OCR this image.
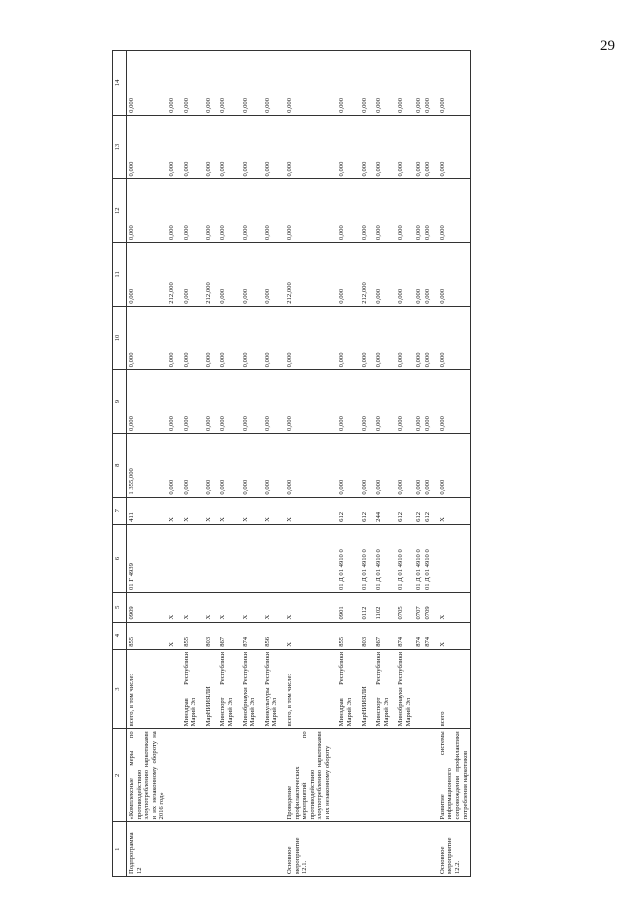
29
1	2	3	4	5	6	7	8	9	10	11	12	13	14
Подпрограмма 12	«Комплексные меры по противодействию злоупотреблению наркотиками и их незаконному обороту на 2016 год»	всего, в том числе:	855	0909	01 Г 4939	411	1 355,000	0,000	0,000	0,000	0,000	0,000	0,000
			Х	Х		Х	0,000	0,000	0,000	212,000	0,000	0,000	0,000
		Минздрав Республики Марий Эл	855	Х		Х	0,000	0,000	0,000	0,000	0,000	0,000	0,000
		МарНИИЯЛИ	803	Х		Х	0,000	0,000	0,000	212,000	0,000	0,000	0,000
		Минспорт Республики Марий Эл	867	Х		Х	0,000	0,000	0,000	0,000	0,000	0,000	0,000
		Минобрнауки Республики Марий Эл	874	Х		Х	0,000	0,000	0,000	0,000	0,000	0,000	0,000
		Минкультуры Республики Марий Эл	856	Х		Х	0,000	0,000	0,000	0,000	0,000	0,000	0,000
Основное мероприятие 12.1.	Проведение профилактических мероприятий по противодействию злоупотреблению наркотиками и их незаконному обороту	всего, в том числе:	Х	Х		Х	0,000	0,000	0,000	212,000	0,000	0,000	0,000
		Минздрав Республики Марий Эл	855	0901	01 Д 01 4910 0	612	0,000	0,000	0,000	0,000	0,000	0,000	0,000
		МарНИИЯЛИ	803	0112	01 Д 01 4910 0	612	0,000	0,000	0,000	212,000	0,000	0,000	0,000
		Минспорт Республики Марий Эл	867	1102	01 Д 01 4910 0	244	0,000	0,000	0,000	0,000	0,000	0,000	0,000
		Минобрнауки Республики Марий Эл	874	0705	01 Д 01 4910 0	612	0,000	0,000	0,000	0,000	0,000	0,000	0,000
			874	0707	01 Д 01 4910 0	612	0,000	0,000	0,000	0,000	0,000	0,000	0,000
			874	0709	01 Д 01 4910 0	612	0,000	0,000	0,000	0,000	0,000	0,000	0,000
Основное мероприятие 12.2.	Развитие системы информационного сопровождения профилактики потребления наркотиков	всего	Х	Х		Х	0,000	0,000	0,000	0,000	0,000	0,000	0,000
